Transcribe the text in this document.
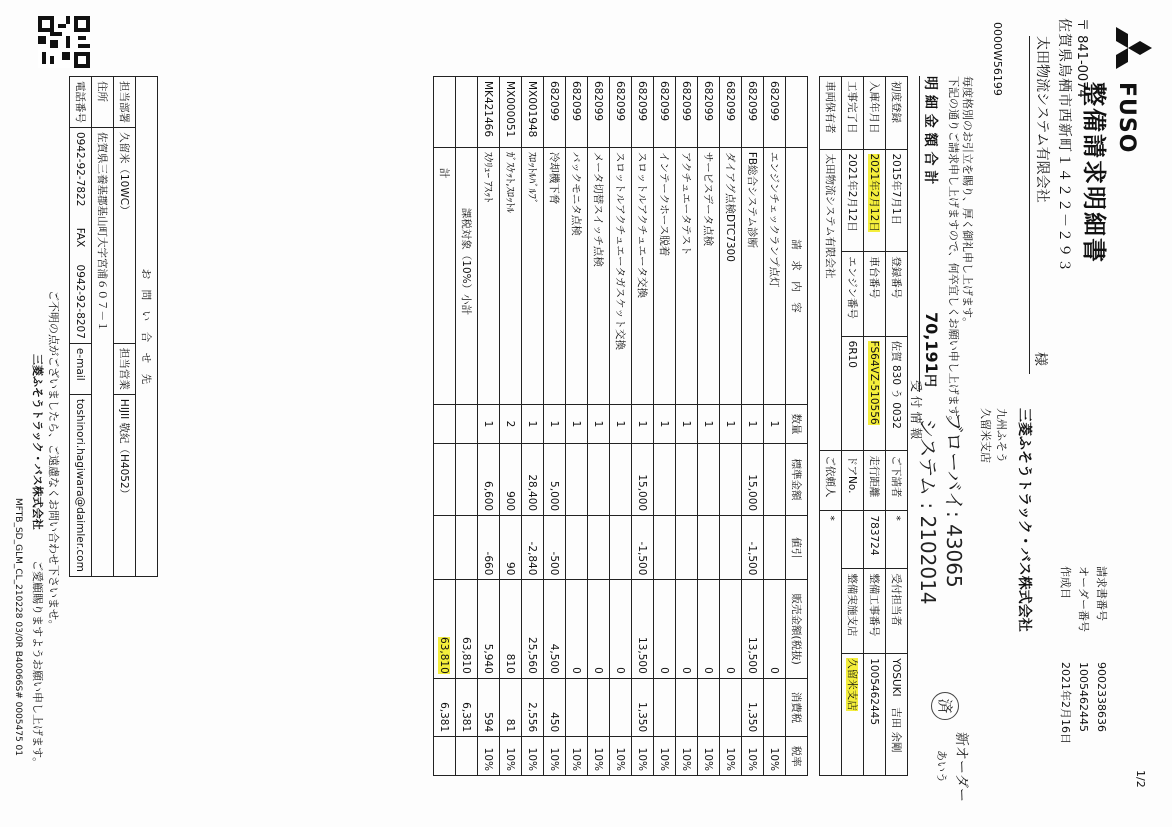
1/2
FUSO
整備請求明細書
請求書番号
9002338636
オーダー番号
1005462445
作成日
2021年2月16日
〒 841-0074
佐賀県鳥栖市西新町１４２２－２９３
太田物流システム有限会社
様
三菱ふそうトラック・バス株式会社
九州ふそう
久留米支店
0000W56199
ブローバイ: 43065
システム : 2102014
済
新オーダー
あいう
毎度格別のお引立を賜り、厚く御礼申し上げます。
下記の通りご請求申し上げますので、何卒宜しくお願い申し上げます。
明 細 金 額 合 計
70,191
円
受 付 情 報
初度登録	2015年7月1日	登録番号	佐賀 830 う 0032	ご下請者	*	受付担当者	YOSUKI　吉田 余剛
入庫年月日	2021年2月12日	車台番号	FS64VZ-510556	走行距離	783724	整備工事番号	1005462445
工事完了日	2021年2月12日	エンジン番号	6R10	ドアNo.		整備実施支店	久留米支店
車両保有者	太田物流システム有限会社			ご依頼人	*		
	請　求　内　容	数量	標準金額	値引	販売金額(税抜)	消費税	税率
682099	エンジンチェックランプ点灯	1			0		10%
682099	FB総合システム診断	1	15,000	-1,500	13,500	1,350	10%
682099	ダイアグ点検DTC7300	1			0		10%
682099	サービスデータ点検	1			0		10%
682099	アクチュエータテスト	1			0		10%
682099	インテークホース脱着	1			0		10%
682099	スロットルアクチュエータ交換	1	15,000	-1,500	13,500	1,350	10%
682099	スロットルアクチュエータガスケット交換	1			0		10%
682099	メータ切替スイッチ点検	1			0		10%
682099	バックモニタ点検	1			0		10%
682099	冷却機下脅	1	5,000	-500	4,500	450	10%
MX001948	ｽﾛｯﾄﾙﾊﾞﾙﾌﾞ	1	28,400	-2,840	25,560	2,556	10%
MX000051	ｶﾞｽｹｯﾄ,ｽﾛｯﾄﾙ	2	900	90	810	81	10%
MK421466	ｽｸﾘｭｰ ｱｽｯﾄ	1	6,600	-660	5,940	594	10%
	課税対象（10%）小計				63,810	6,381	
	計				63,810	6,381	
お　問　い　合　せ　先			
担当部署	久留米（10WC）	担当営業	HIJII 敬紀（H4052）
住所	佐賀県三養基郡基山町大字宮浦６０７－１		
電話番号	0942-92-7822 FAX 0942-92-8207	e-mail	toshinori.hagiwara@daimler.com
ご不明の点がございましたら、ご遠慮なくお問い合わせ下さいませ。
三菱ふそうトラック・バス株式会社
ご愛顧賜りますようお願い申し上げます。
MFTB_SD_GLM_CL_210228 03/0R B40066S# 0005475 01
